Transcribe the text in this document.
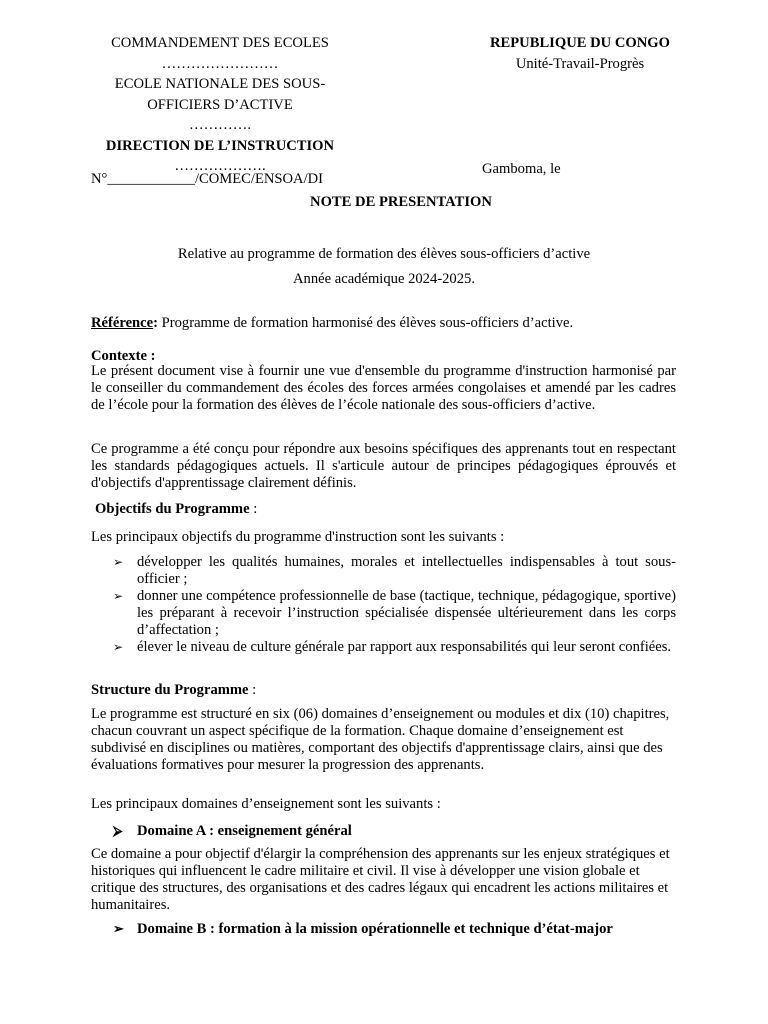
COMMANDEMENT DES ECOLES
……………………
ECOLE NATIONALE DES SOUS-
OFFICIERS D’ACTIVE
………….
DIRECTION DE L’INSTRUCTION
……………….
N°____________/COMEC/ENSOA/DI
REPUBLIQUE DU CONGO
Unité-Travail-Progrès
Gamboma, le
NOTE DE PRESENTATION
Relative au programme de formation des élèves sous-officiers d’active
Année académique 2024-2025.
Référence: Programme de formation harmonisé des élèves sous-officiers d’active.
Contexte :
Le présent document vise à fournir une vue d'ensemble du programme d'instruction harmonisé par le conseiller du commandement des écoles des forces armées congolaises et amendé par les cadres de l’école pour la formation des élèves de l’école nationale des sous-officiers d’active.
Ce programme a été conçu pour répondre aux besoins spécifiques des apprenants tout en respectant les standards pédagogiques actuels. Il s'articule autour de principes pédagogiques éprouvés et d'objectifs d'apprentissage clairement définis.
Objectifs du Programme :
Les principaux objectifs du programme d'instruction sont les suivants :
➢ développer les qualités humaines, morales et intellectuelles indispensables à tout sous-officier ;
➢ donner une compétence professionnelle de base (tactique, technique, pédagogique, sportive) les préparant à recevoir l’instruction spécialisée dispensée ultérieurement dans les corps d’affectation ;
➢ élever le niveau de culture générale par rapport aux responsabilités qui leur seront confiées.
Structure du Programme :
Le programme est structuré en six (06) domaines d’enseignement ou modules et dix (10) chapitres, chacun couvrant un aspect spécifique de la formation. Chaque domaine d’enseignement est subdivisé en disciplines ou matières, comportant des objectifs d'apprentissage clairs, ainsi que des évaluations formatives pour mesurer la progression des apprenants.
Les principaux domaines d’enseignement sont les suivants :
⮚ Domaine A : enseignement général
Ce domaine a pour objectif d'élargir la compréhension des apprenants sur les enjeux stratégiques et historiques qui influencent le cadre militaire et civil. Il vise à développer une vision globale et critique des structures, des organisations et des cadres légaux qui encadrent les actions militaires et humanitaires.
➢ Domaine B : formation à la mission opérationnelle et technique d’état-major
